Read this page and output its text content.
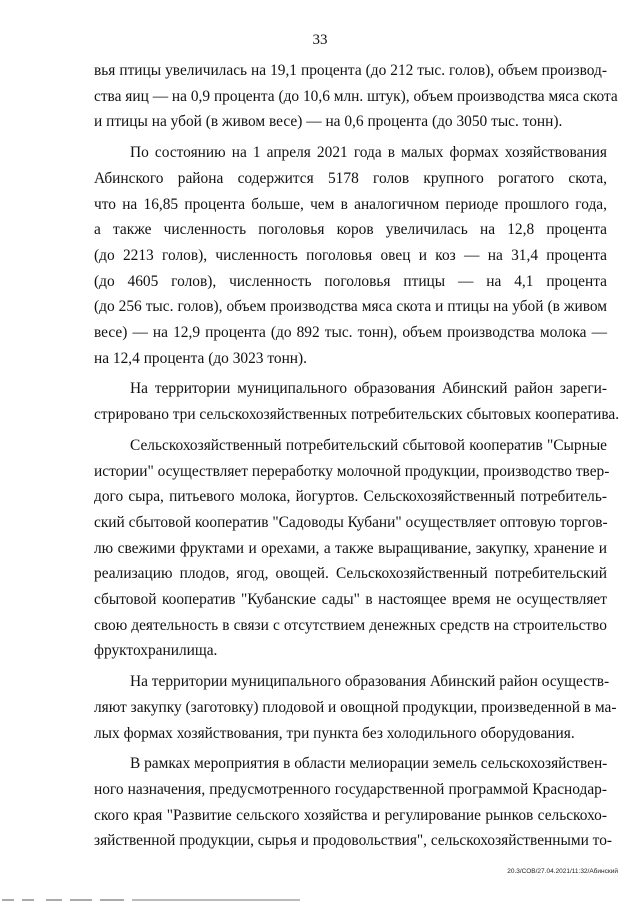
33
вья птицы увеличилась на 19,1 процента (до 212 тыс. голов), объем производ-
ства яиц — на 0,9 процента (до 10,6 млн. штук), объем производства мяса скота
и птицы на убой (в живом весе) — на 0,6 процента (до 3050 тыс. тонн).
По состоянию на 1 апреля 2021 года в малых формах хозяйствования
Абинского района содержится 5178 голов крупного рогатого скота,
что на 16,85 процента больше, чем в аналогичном периоде прошлого года,
а также численность поголовья коров увеличилась на 12,8 процента
(до 2213 голов), численность поголовья овец и коз — на 31,4 процента
(до 4605 голов), численность поголовья птицы — на 4,1 процента
(до 256 тыс. голов), объем производства мяса скота и птицы на убой (в живом
весе) — на 12,9 процента (до 892 тыс. тонн), объем производства молока —
на 12,4 процента (до 3023 тонн).
На территории муниципального образования Абинский район зареги-
стрировано три сельскохозяйственных потребительских сбытовых кооператива.
Сельскохозяйственный потребительский сбытовой кооператив "Сырные
истории" осуществляет переработку молочной продукции, производство твер-
дого сыра, питьевого молока, йогуртов. Сельскохозяйственный потребитель-
ский сбытовой кооператив "Садоводы Кубани" осуществляет оптовую торгов-
лю свежими фруктами и орехами, а также выращивание, закупку, хранение и
реализацию плодов, ягод, овощей. Сельскохозяйственный потребительский
сбытовой кооператив "Кубанские сады" в настоящее время не осуществляет
свою деятельность в связи с отсутствием денежных средств на строительство
фруктохранилища.
На территории муниципального образования Абинский район осуществ-
ляют закупку (заготовку) плодовой и овощной продукции, произведенной в ма-
лых формах хозяйствования, три пункта без холодильного оборудования.
В рамках мероприятия в области мелиорации земель сельскохозяйствен-
ного назначения, предусмотренного государственной программой Краснодар-
ского края "Развитие сельского хозяйства и регулирование рынков сельскохо-
зяйственной продукции, сырья и продовольствия", сельскохозяйственными то-
20.3/СОВ/27.04.2021/11:32/Абинский
